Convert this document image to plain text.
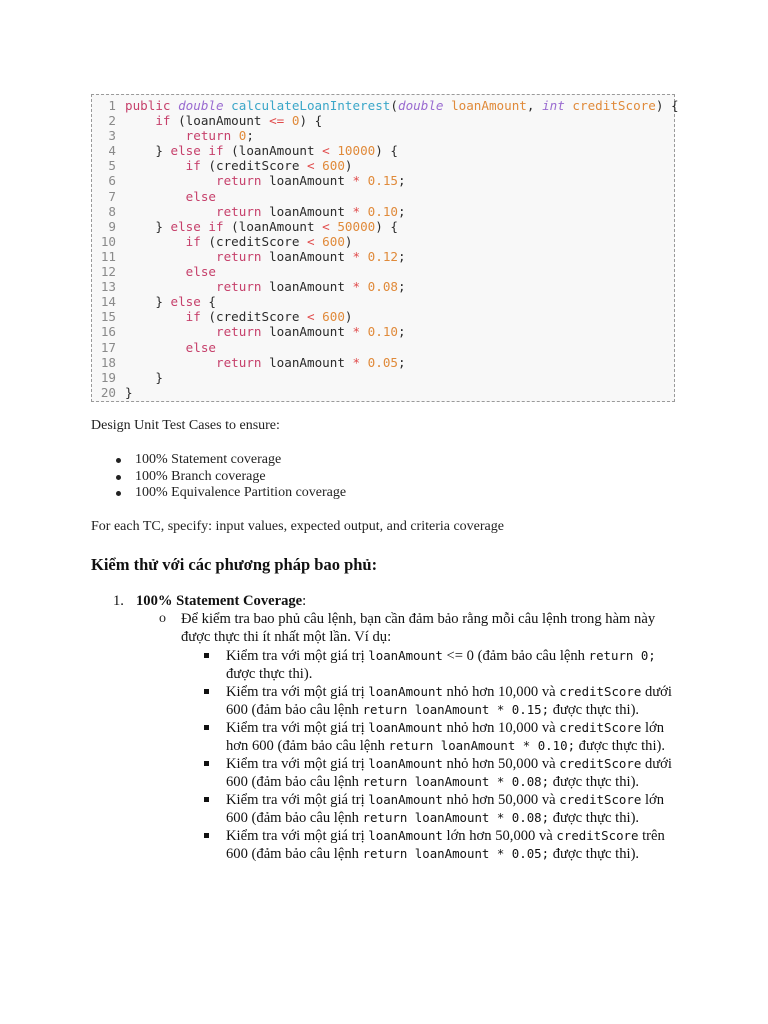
1 public double calculateLoanInterest(double loanAmount, int creditScore) {
2	if (loanAmount <= 0) {
3	return 0;
4 } else if (loanAmount < 10000) {
5	if (creditScore < 600)
6	return loanAmount * 0.15;
7	else
8	return loanAmount * 0.10;
9 } else if (loanAmount < 50000) {
10	if (creditScore < 600)
11	return loanAmount * 0.12;
12	else
13	return loanAmount * 0.08;
14 } else {
15	if (creditScore < 600)
16	return loanAmount * 0.10;
17	else
18	return loanAmount * 0.05;
19 }
20 }
Design Unit Test Cases to ensure:
100% Statement coverage
100% Branch coverage
100% Equivalence Partition coverage
For each TC, specify: input values, expected output, and criteria coverage
Kiểm thử với các phương pháp bao phủ:
1. 100% Statement Coverage:
o Để kiểm tra bao phủ câu lệnh, bạn cần đảm bảo rằng mỗi câu lệnh trong hàm này được thực thi ít nhất một lần. Ví dụ:
Kiểm tra với một giá trị loanAmount <= 0 (đảm bảo câu lệnh return 0; được thực thi).
Kiểm tra với một giá trị loanAmount nhỏ hơn 10,000 và creditScore dưới 600 (đảm bảo câu lệnh return loanAmount * 0.15; được thực thi).
Kiểm tra với một giá trị loanAmount nhỏ hơn 10,000 và creditScore lớn hơn 600 (đảm bảo câu lệnh return loanAmount * 0.10; được thực thi).
Kiểm tra với một giá trị loanAmount nhỏ hơn 50,000 và creditScore dưới 600 (đảm bảo câu lệnh return loanAmount * 0.08; được thực thi).
Kiểm tra với một giá trị loanAmount nhỏ hơn 50,000 và creditScore lớn 600 (đảm bảo câu lệnh return loanAmount * 0.08; được thực thi).
Kiểm tra với một giá trị loanAmount lớn hơn 50,000 và creditScore trên 600 (đảm bảo câu lệnh return loanAmount * 0.05; được thực thi).
